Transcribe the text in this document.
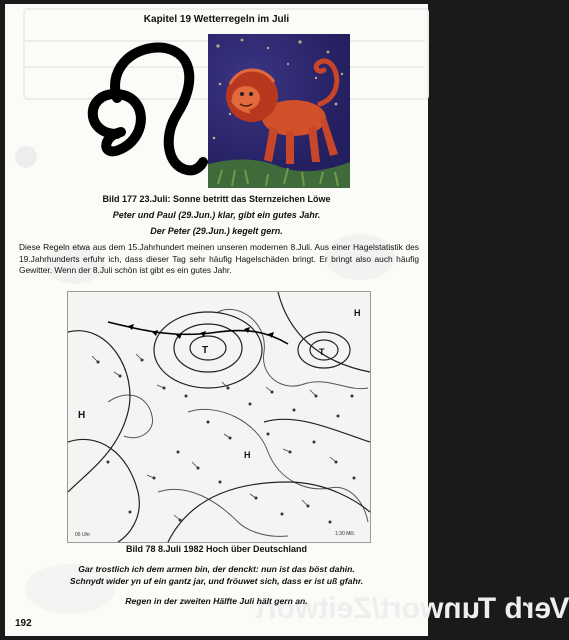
Verb Tunwort/Zeitwort
Kapitel 19 Wetterregeln im Juli
Bild 177 23.Juli: Sonne betritt das Sternzeichen Löwe
Peter und Paul (29.Jun.) klar, gibt ein gutes Jahr.
Der Peter (29.Jun.) kegelt gern.
Diese Regeln etwa aus dem 15.Jahrhundert meinen unseren modernen 8.Juli. Aus einer Hagelstatistik des 19.Jahrhunderts erfuhr ich, dass dieser Tag sehr häufig Hagelschäden bringt. Er bringt also auch häufig Gewitter. Wenn der 8.Juli schön ist gibt es ein gutes Jahr.
T	T
H
H
H
06 Uhr	1:30 Mill.
Bild 78 8.Juli 1982 Hoch über Deutschland
Gar trostlich ich dem armen bin, der denckt: nun ist das böst dahin.
Schnydt wider yn uf ein gantz jar, und fröuwet sich, dass er ist uß gfahr.
Regen in der zweiten Hälfte Juli hält gern an.
192
